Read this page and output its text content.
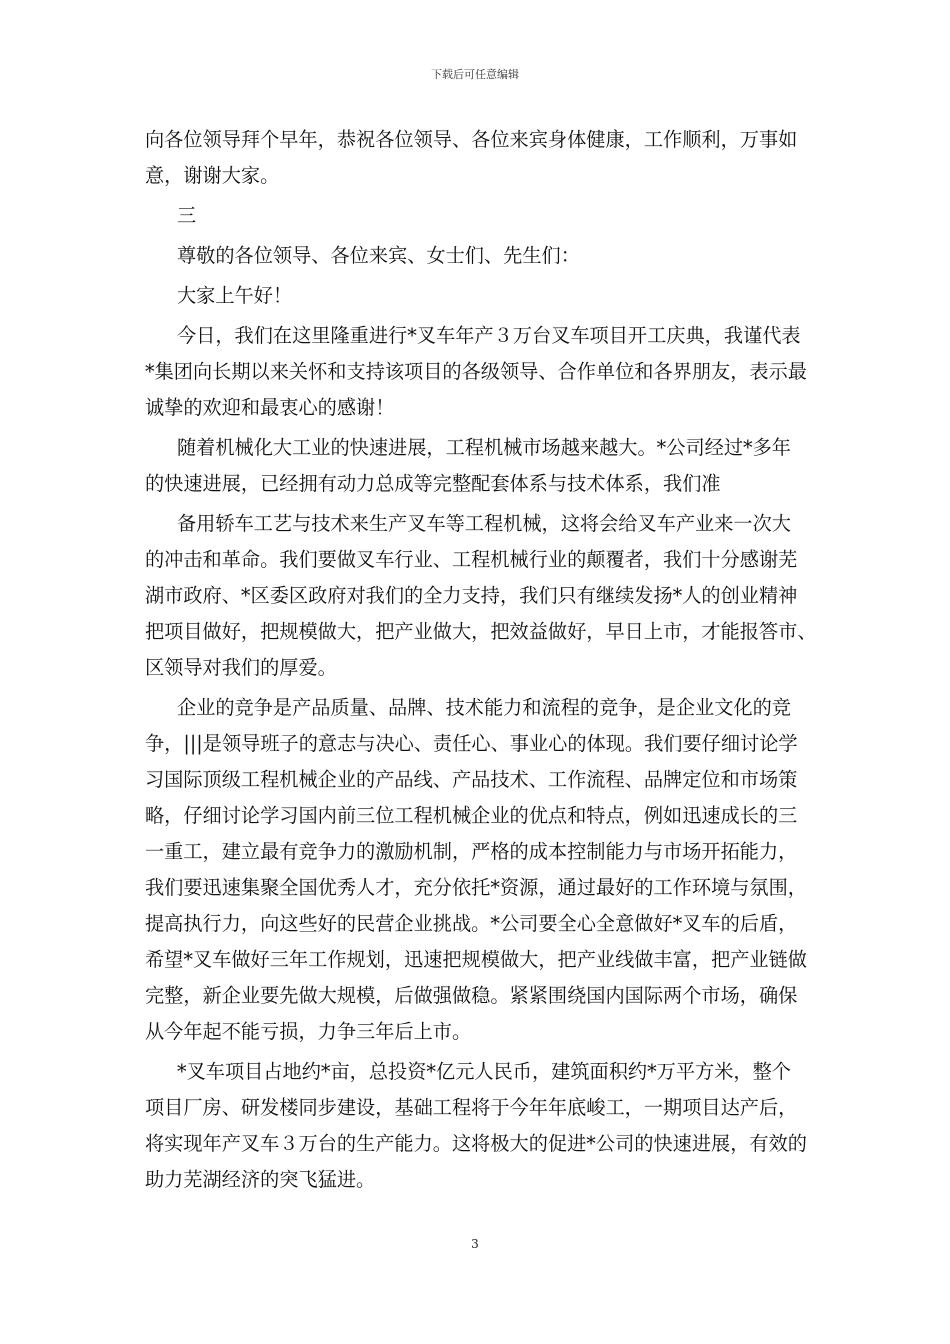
下载后可任意编辑
向各位领导拜个早年，恭祝各位领导、各位来宾身体健康，工作顺利，万事如
意，谢谢大家。
三
尊敬的各位领导、各位来宾、女士们、先生们：
大家上午好！
今日，我们在这里隆重进行*叉车年产３万台叉车项目开工庆典，我谨代表
*集团向长期以来关怀和支持该项目的各级领导、合作单位和各界朋友，表示最
诚挚的欢迎和最衷心的感谢！
随着机械化大工业的快速进展，工程机械市场越来越大。*公司经过*多年
的快速进展，已经拥有动力总成等完整配套体系与技术体系，我们准
备用轿车工艺与技术来生产叉车等工程机械，这将会给叉车产业来一次大
的冲击和革命。我们要做叉车行业、工程机械行业的颠覆者，我们十分感谢芜
湖市政府、*区委区政府对我们的全力支持，我们只有继续发扬*人的创业精神
把项目做好，把规模做大，把产业做大，把效益做好，早日上市，才能报答市、
区领导对我们的厚爱。
企业的竞争是产品质量、品牌、技术能力和流程的竞争，是企业文化的竞
争，|||是领导班子的意志与决心、责任心、事业心的体现。我们要仔细讨论学
习国际顶级工程机械企业的产品线、产品技术、工作流程、品牌定位和市场策
略，仔细讨论学习国内前三位工程机械企业的优点和特点，例如迅速成长的三
一重工，建立最有竞争力的激励机制，严格的成本控制能力与市场开拓能力，
我们要迅速集聚全国优秀人才，充分依托*资源，通过最好的工作环境与氛围，
提高执行力，向这些好的民营企业挑战。*公司要全心全意做好*叉车的后盾，
希望*叉车做好三年工作规划，迅速把规模做大，把产业线做丰富，把产业链做
完整，新企业要先做大规模，后做强做稳。紧紧围绕国内国际两个市场，确保
从今年起不能亏损，力争三年后上市。
*叉车项目占地约*亩，总投资*亿元人民币，建筑面积约*万平方米，整个
项目厂房、研发楼同步建设，基础工程将于今年年底峻工，一期项目达产后，
将实现年产叉车３万台的生产能力。这将极大的促进*公司的快速进展，有效的
助力芜湖经济的突飞猛进。
3
